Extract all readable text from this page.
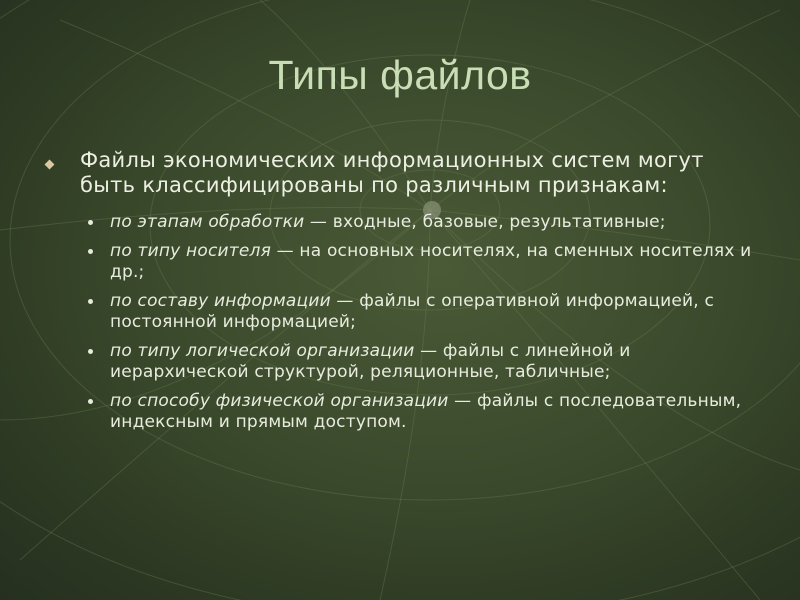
Типы файлов
Файлы экономических информационных систем могут быть классифицированы по различным признакам:
по этапам обработки — входные, базовые, результативные;
по типу носителя — на основных носителях, на сменных носителях и др.;
по составу информации — файлы с оперативной информацией, с постоянной информацией;
по типу логической организации — файлы с линейной и иерархической структурой, реляционные, табличные;
по способу физической организации — файлы с последовательным, индексным и прямым доступом.
